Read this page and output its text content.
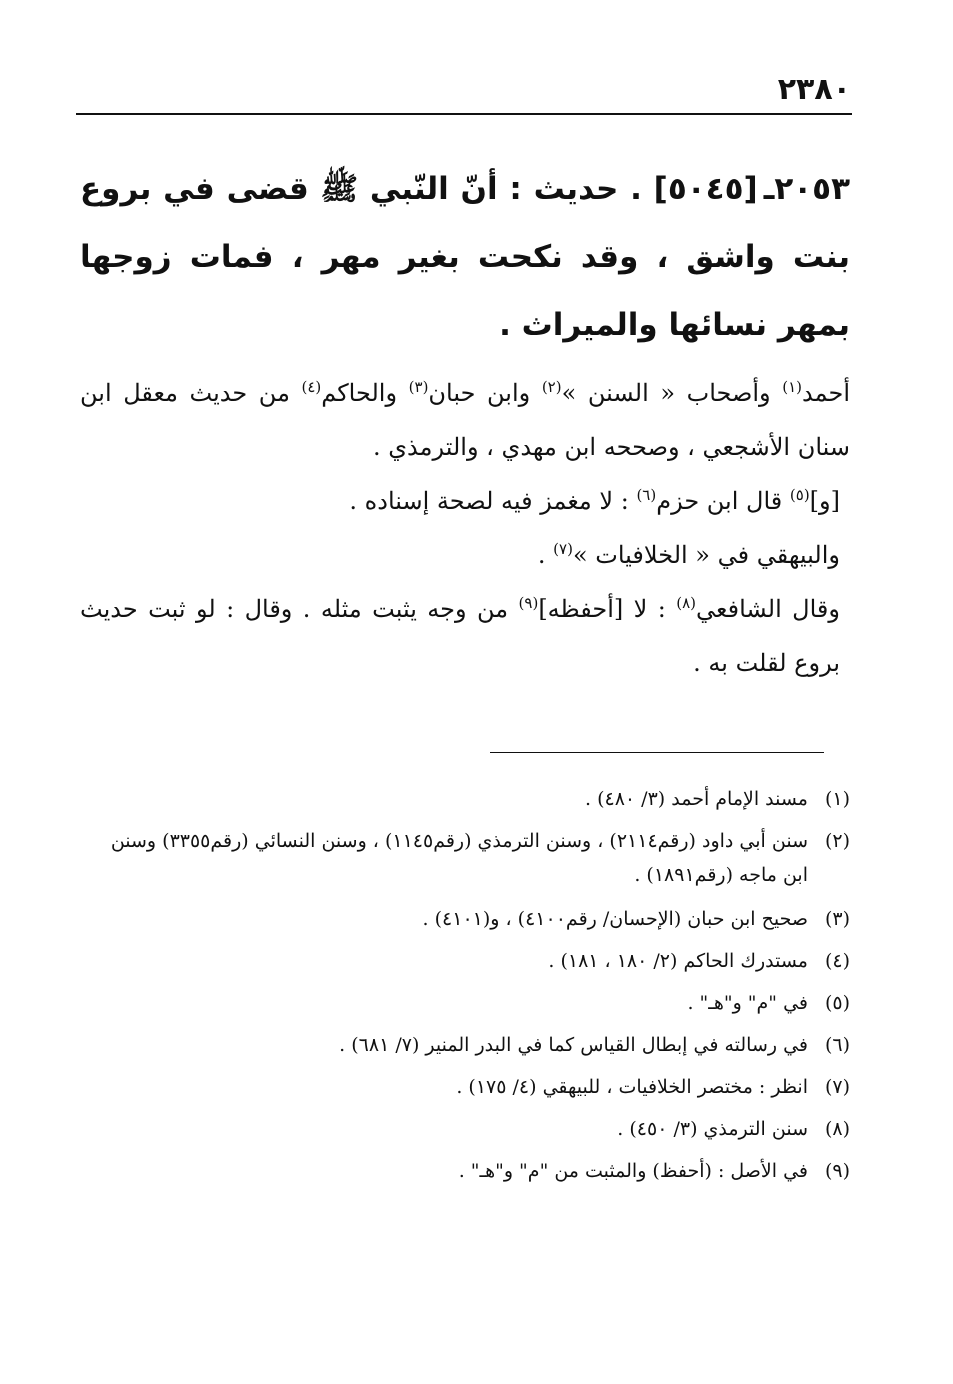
٢٣٨٠
٢٠٥٣ـ[٥٠٤٥] . حديث : أنّ النّبي ﷺ قضى في بروع بنت واشق ، وقد نكحت بغير مهر ، فمات زوجها بمهر نسائها والميراث .

أحمد$^{(١)}$ وأصحاب « السنن »$^{(٢)}$ وابن حبان$^{(٣)}$ والحاكم$^{(٤)}$ من حديث معقل ابن سنان الأشجعي ، وصححه ابن مهدي ، والترمذي .

[و]$^{(٥)}$ قال ابن حزم$^{(٦)}$ : لا مغمز فيه لصحة إسناده .

والبيهقي في « الخلافيات »$^{(٧)}$ .

وقال الشافعي$^{(٨)}$ : لا [أحفظه]$^{(٩)}$ من وجه يثبت مثله . وقال : لو ثبت حديث بروع لقلت به .

(١)
مسند الإمام أحمد (٣/ ٤٨٠) .
(٢)
سنن أبي داود (رقم٢١١٤) ، وسنن الترمذي (رقم١١٤٥) ، وسنن النسائي (رقم٣٣٥٥) وسنن ابن ماجه (رقم١٨٩١) .
(٣)
صحيح ابن حبان (الإحسان/ رقم٤١٠٠) ، و(٤١٠١) .
(٤)
مستدرك الحاكم (٢/ ١٨٠ ، ١٨١) .
(٥)
في "م" و"هـ" .
(٦)
في رسالته في إبطال القياس كما في البدر المنير (٧/ ٦٨١) .
(٧)
انظر : مختصر الخلافيات ، للبيهقي (٤/ ١٧٥) .
(٨)
سنن الترمذي (٣/ ٤٥٠) .
(٩)
في الأصل : (أحفظ) والمثبت من "م" و"هـ" .
